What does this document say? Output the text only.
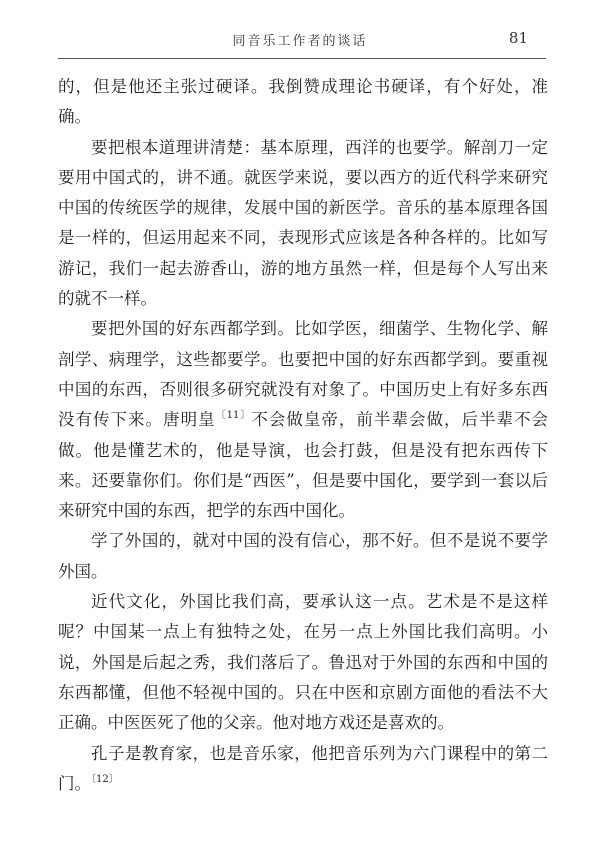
同音乐工作者的谈话	81

的，但是他还主张过硬译。我倒赞成理论书硬译，有个好处，准确。

要把根本道理讲清楚：基本原理，西洋的也要学。解剖刀一定要用中国式的，讲不通。就医学来说，要以西方的近代科学来研究中国的传统医学的规律，发展中国的新医学。音乐的基本原理各国是一样的，但运用起来不同，表现形式应该是各种各样的。比如写游记，我们一起去游香山，游的地方虽然一样，但是每个人写出来的就不一样。

要把外国的好东西都学到。比如学医，细菌学、生物化学、解剖学、病理学，这些都要学。也要把中国的好东西都学到。要重视中国的东西，否则很多研究就没有对象了。中国历史上有好多东西没有传下来。唐明皇$^{〔11〕}$不会做皇帝，前半辈会做，后半辈不会做。他是懂艺术的，他是导演，也会打鼓，但是没有把东西传下来。还要靠你们。你们是“西医”，但是要中国化，要学到一套以后来研究中国的东西，把学的东西中国化。

学了外国的，就对中国的没有信心，那不好。但不是说不要学外国。

近代文化，外国比我们高，要承认这一点。艺术是不是这样呢？中国某一点上有独特之处，在另一点上外国比我们高明。小说，外国是后起之秀，我们落后了。鲁迅对于外国的东西和中国的东西都懂，但他不轻视中国的。只在中医和京剧方面他的看法不大正确。中医医死了他的父亲。他对地方戏还是喜欢的。

孔子是教育家，也是音乐家，他把音乐列为六门课程中的第二门。$^{〔12〕}$
